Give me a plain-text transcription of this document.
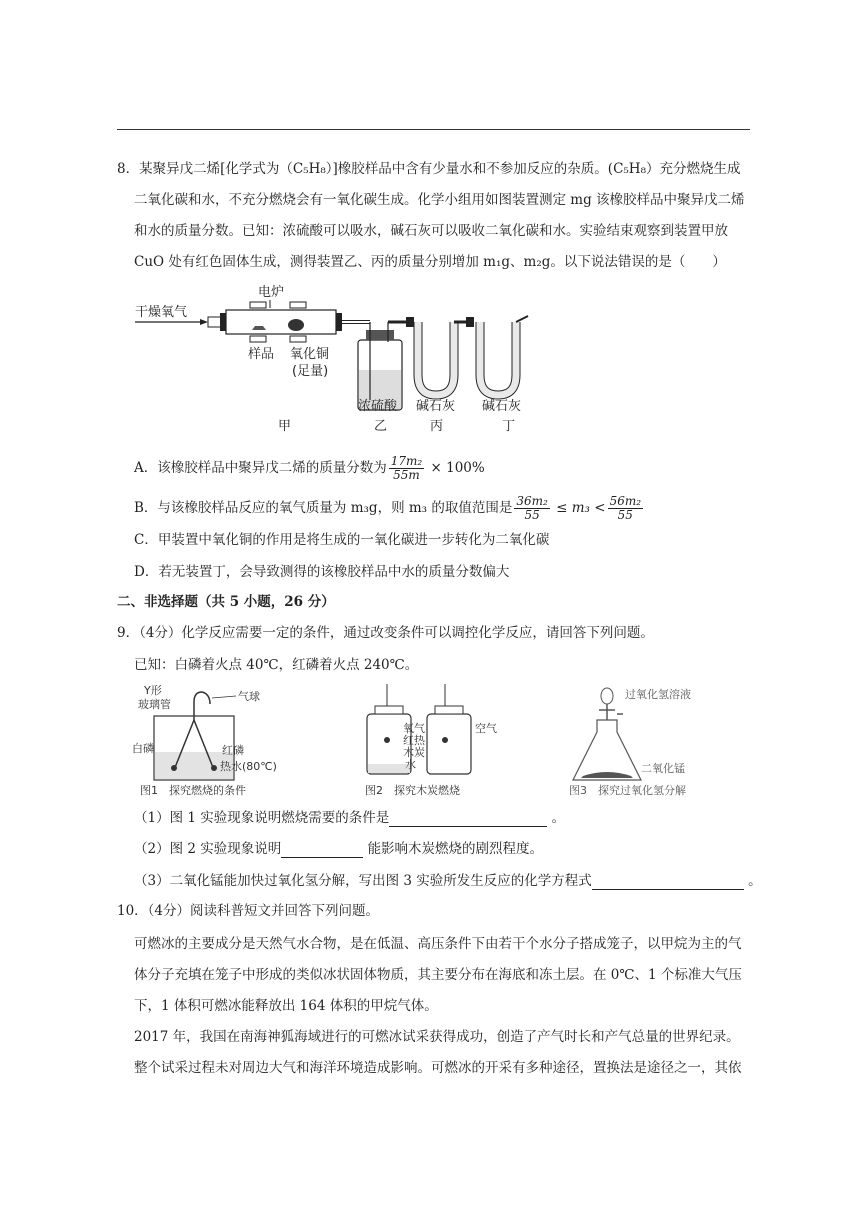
8．某聚异戊二烯[化学式为（C₅H₈）]橡胶样品中含有少量水和不参加反应的杂质。(C₅H₈）充分燃烧生成
二氧化碳和水，不充分燃烧会有一氧化碳生成。化学小组用如图装置测定 mg 该橡胶样品中聚异戊二烯
和水的质量分数。已知：浓硫酸可以吸水，碱石灰可以吸收二氧化碳和水。实验结束观察到装置甲放
CuO 处有红色固体生成，测得装置乙、丙的质量分别增加 m₁g、m₂g。以下说法错误的是（　　）
干燥氧气
电炉
样品 氧化铜
(足量)
浓硫酸 碱石灰 碱石灰
甲	乙	丙	丁
A．该橡胶样品中聚异戊二烯的质量分数为 $\frac{\text{17m₂}}{55m} \times 100\%$
B．与该橡胶样品反应的氧气质量为 m₃g，则 m₃ 的取值范围是 $\frac{\text{36m₂}}{55} \le m_3 < \frac{\text{56m₂}}{55}$
C．甲装置中氧化铜的作用是将生成的一氧化碳进一步转化为二氧化碳
D．若无装置丁，会导致测得的该橡胶样品中水的质量分数偏大
二、非选择题（共 5 小题，26 分）
9．（4分）化学反应需要一定的条件，通过改变条件可以调控化学反应，请回答下列问题。
已知：白磷着火点 40℃，红磷着火点 240℃。
Y形
玻璃管
气球
白磷	红磷
热水(80℃)
图1　探究燃烧的条件
氧气
红热
木炭
水
空气
图2　探究木炭燃烧
过氧化氢溶液
二氧化锰
图3　探究过氧化氢分解
（1）图 1 实验现象说明燃烧需要的条件是	。
（2）图 2 实验现象说明	能影响木炭燃烧的剧烈程度。
（3）二氧化锰能加快过氧化氢分解，写出图 3 实验所发生反应的化学方程式	。
10．（4分）阅读科普短文并回答下列问题。
可燃冰的主要成分是天然气水合物，是在低温、高压条件下由若干个水分子搭成笼子，以甲烷为主的气
体分子充填在笼子中形成的类似冰状固体物质，其主要分布在海底和冻土层。在 0℃、1 个标准大气压
下，1 体积可燃冰能释放出 164 体积的甲烷气体。
2017 年，我国在南海神狐海域进行的可燃冰试采获得成功，创造了产气时长和产气总量的世界纪录。
整个试采过程未对周边大气和海洋环境造成影响。可燃冰的开采有多种途径，置换法是途径之一，其依
